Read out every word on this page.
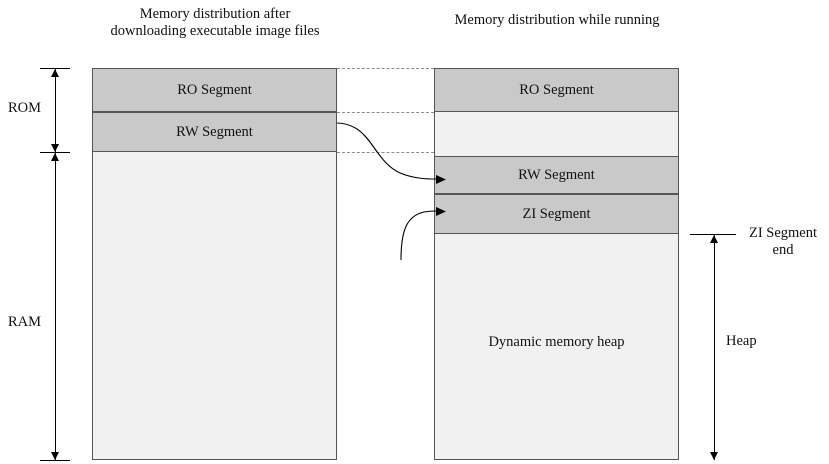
Memory distribution after downloading executable image files
Memory distribution while running
RO Segment
RW Segment
RO Segment
RW Segment
ZI Segment
Dynamic memory heap
ROM
RAM
ZI Segment end
Heap
